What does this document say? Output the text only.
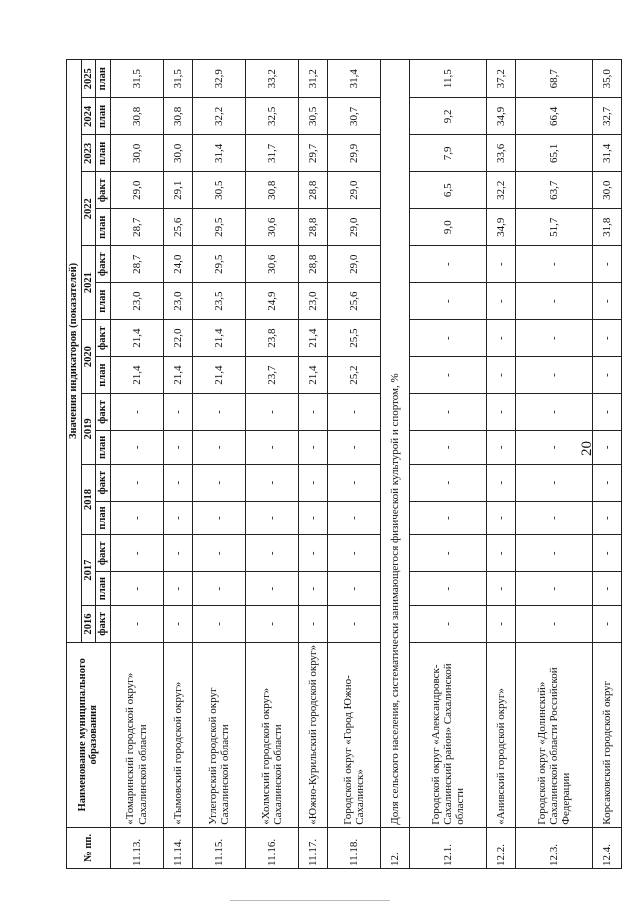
20
№ пп.	Наименование муниципального образования	Значения индикаторов (показателей)															
		2016	2017		2018		2019		2020		2021		2022		2023	2024	2025
		факт	план	факт	план	факт	план	факт	план	факт	план	факт	план	факт	план	план	план
11.13.	«Томаринский городской округ» Сахалинской области	-	-	-	-	-	-	-	21,4	21,4	23,0	28,7	28,7	29,0	30,0	30,8	31,5
11.14.	«Тымовский городской округ»	-	-	-	-	-	-	-	21,4	22,0	23,0	24,0	25,6	29,1	30,0	30,8	31,5
11.15.	Углегорский городской округ Сахалинской области	-	-	-	-	-	-	-	21,4	21,4	23,5	29,5	29,5	30,5	31,4	32,2	32,9
11.16.	«Холмский городской округ» Сахалинской области	-	-	-	-	-	-	-	23,7	23,8	24,9	30,6	30,6	30,8	31,7	32,5	33,2
11.17.	«Южно-Курильский городской округ»	-	-	-	-	-	-	-	21,4	21,4	23,0	28,8	28,8	28,8	29,7	30,5	31,2
11.18.	Городской округ «Город Южно-Сахалинск»	-	-	-	-	-	-	-	25,2	25,5	25,6	29,0	29,0	29,0	29,9	30,7	31,4
12.	Доля сельского населения, систематически занимающегося физической культурой и спортом, %																
12.1.	Городской округ «Александровск-Сахалинский район» Сахалинской области	-	-	-	-	-	-	-	-	-	-	-	9,0	6,5	7,9	9,2	11,5
12.2.	«Анивский городской округ»	-	-	-	-	-	-	-	-	-	-	-	34,9	32,2	33,6	34,9	37,2
12.3.	Городской округ «Долинский» Сахалинской области Российской Федерации	-	-	-	-	-	-	-	-	-	-	-	51,7	63,7	65,1	66,4	68,7
12.4.	Корсаковский городской округ	-	-	-	-	-	-	-	-	-	-	-	31,8	30,0	31,4	32,7	35,0
